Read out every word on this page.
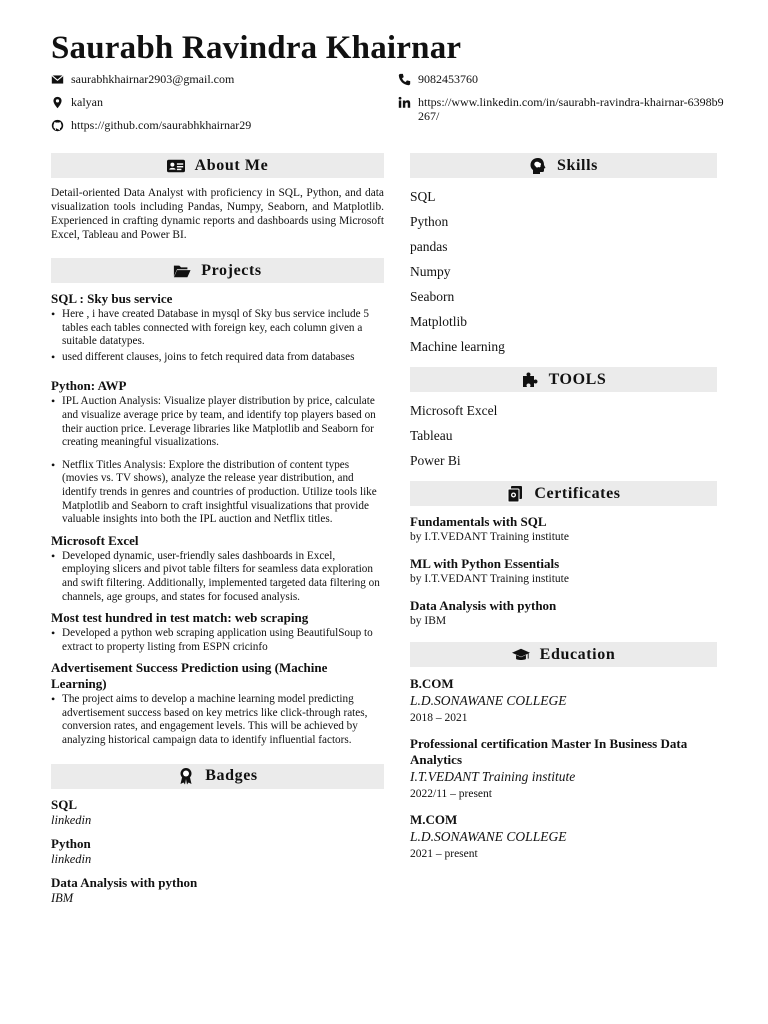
Saurabh Ravindra Khairnar
saurabhkhairnar2903@gmail.com	9082453760
kalyan	https://www.linkedin.com/in/saurabh-ravindra-khairnar-6398b9267/
https://github.com/saurabhkhairnar29
About Me
Detail-oriented Data Analyst with proficiency in SQL, Python, and data visualization tools including Pandas, Numpy, Seaborn, and Matplotlib. Experienced in crafting dynamic reports and dashboards using Microsoft Excel, Tableau and Power BI.
Projects
SQL : Sky bus service
• Here , i have created Database in mysql of Sky bus service include 5 tables each tables connected with foreign key, each column given a suitable datatypes.
• used different clauses, joins to fetch required data from databases
Python: AWP
• IPL Auction Analysis: Visualize player distribution by price, calculate and visualize average price by team, and identify top players based on their auction price. Leverage libraries like Matplotlib and Seaborn for creating meaningful visualizations.
• Netflix Titles Analysis: Explore the distribution of content types (movies vs. TV shows), analyze the release year distribution, and identify trends in genres and countries of production. Utilize tools like Matplotlib and Seaborn to craft insightful visualizations that provide valuable insights into both the IPL auction and Netflix titles.
Microsoft Excel
• Developed dynamic, user-friendly sales dashboards in Excel, employing slicers and pivot table filters for seamless data exploration and swift filtering. Additionally, implemented targeted data filtering on channels, age groups, and states for focused analysis.
Most test hundred in test match: web scraping
• Developed a python web scraping application using BeautifulSoup to extract to property listing from ESPN cricinfo
Advertisement Success Prediction using (Machine Learning)
• The project aims to develop a machine learning model predicting advertisement success based on key metrics like click-through rates, conversion rates, and engagement levels. This will be achieved by analyzing historical campaign data to identify influential factors.
Badges
SQL
linkedin
Python
linkedin
Data Analysis with python
IBM
Skills
SQL
Python
pandas
Numpy
Seaborn
Matplotlib
Machine learning
TOOLS
Microsoft Excel
Tableau
Power Bi
Certificates
Fundamentals with SQL
by I.T.VEDANT Training institute
ML with Python Essentials
by I.T.VEDANT Training institute
Data Analysis with python
by IBM
Education
B.COM
L.D.SONAWANE COLLEGE
2018 – 2021
Professional certification Master In Business Data Analytics
I.T.VEDANT Training institute
2022/11 – present
M.COM
L.D.SONAWANE COLLEGE
2021 – present
